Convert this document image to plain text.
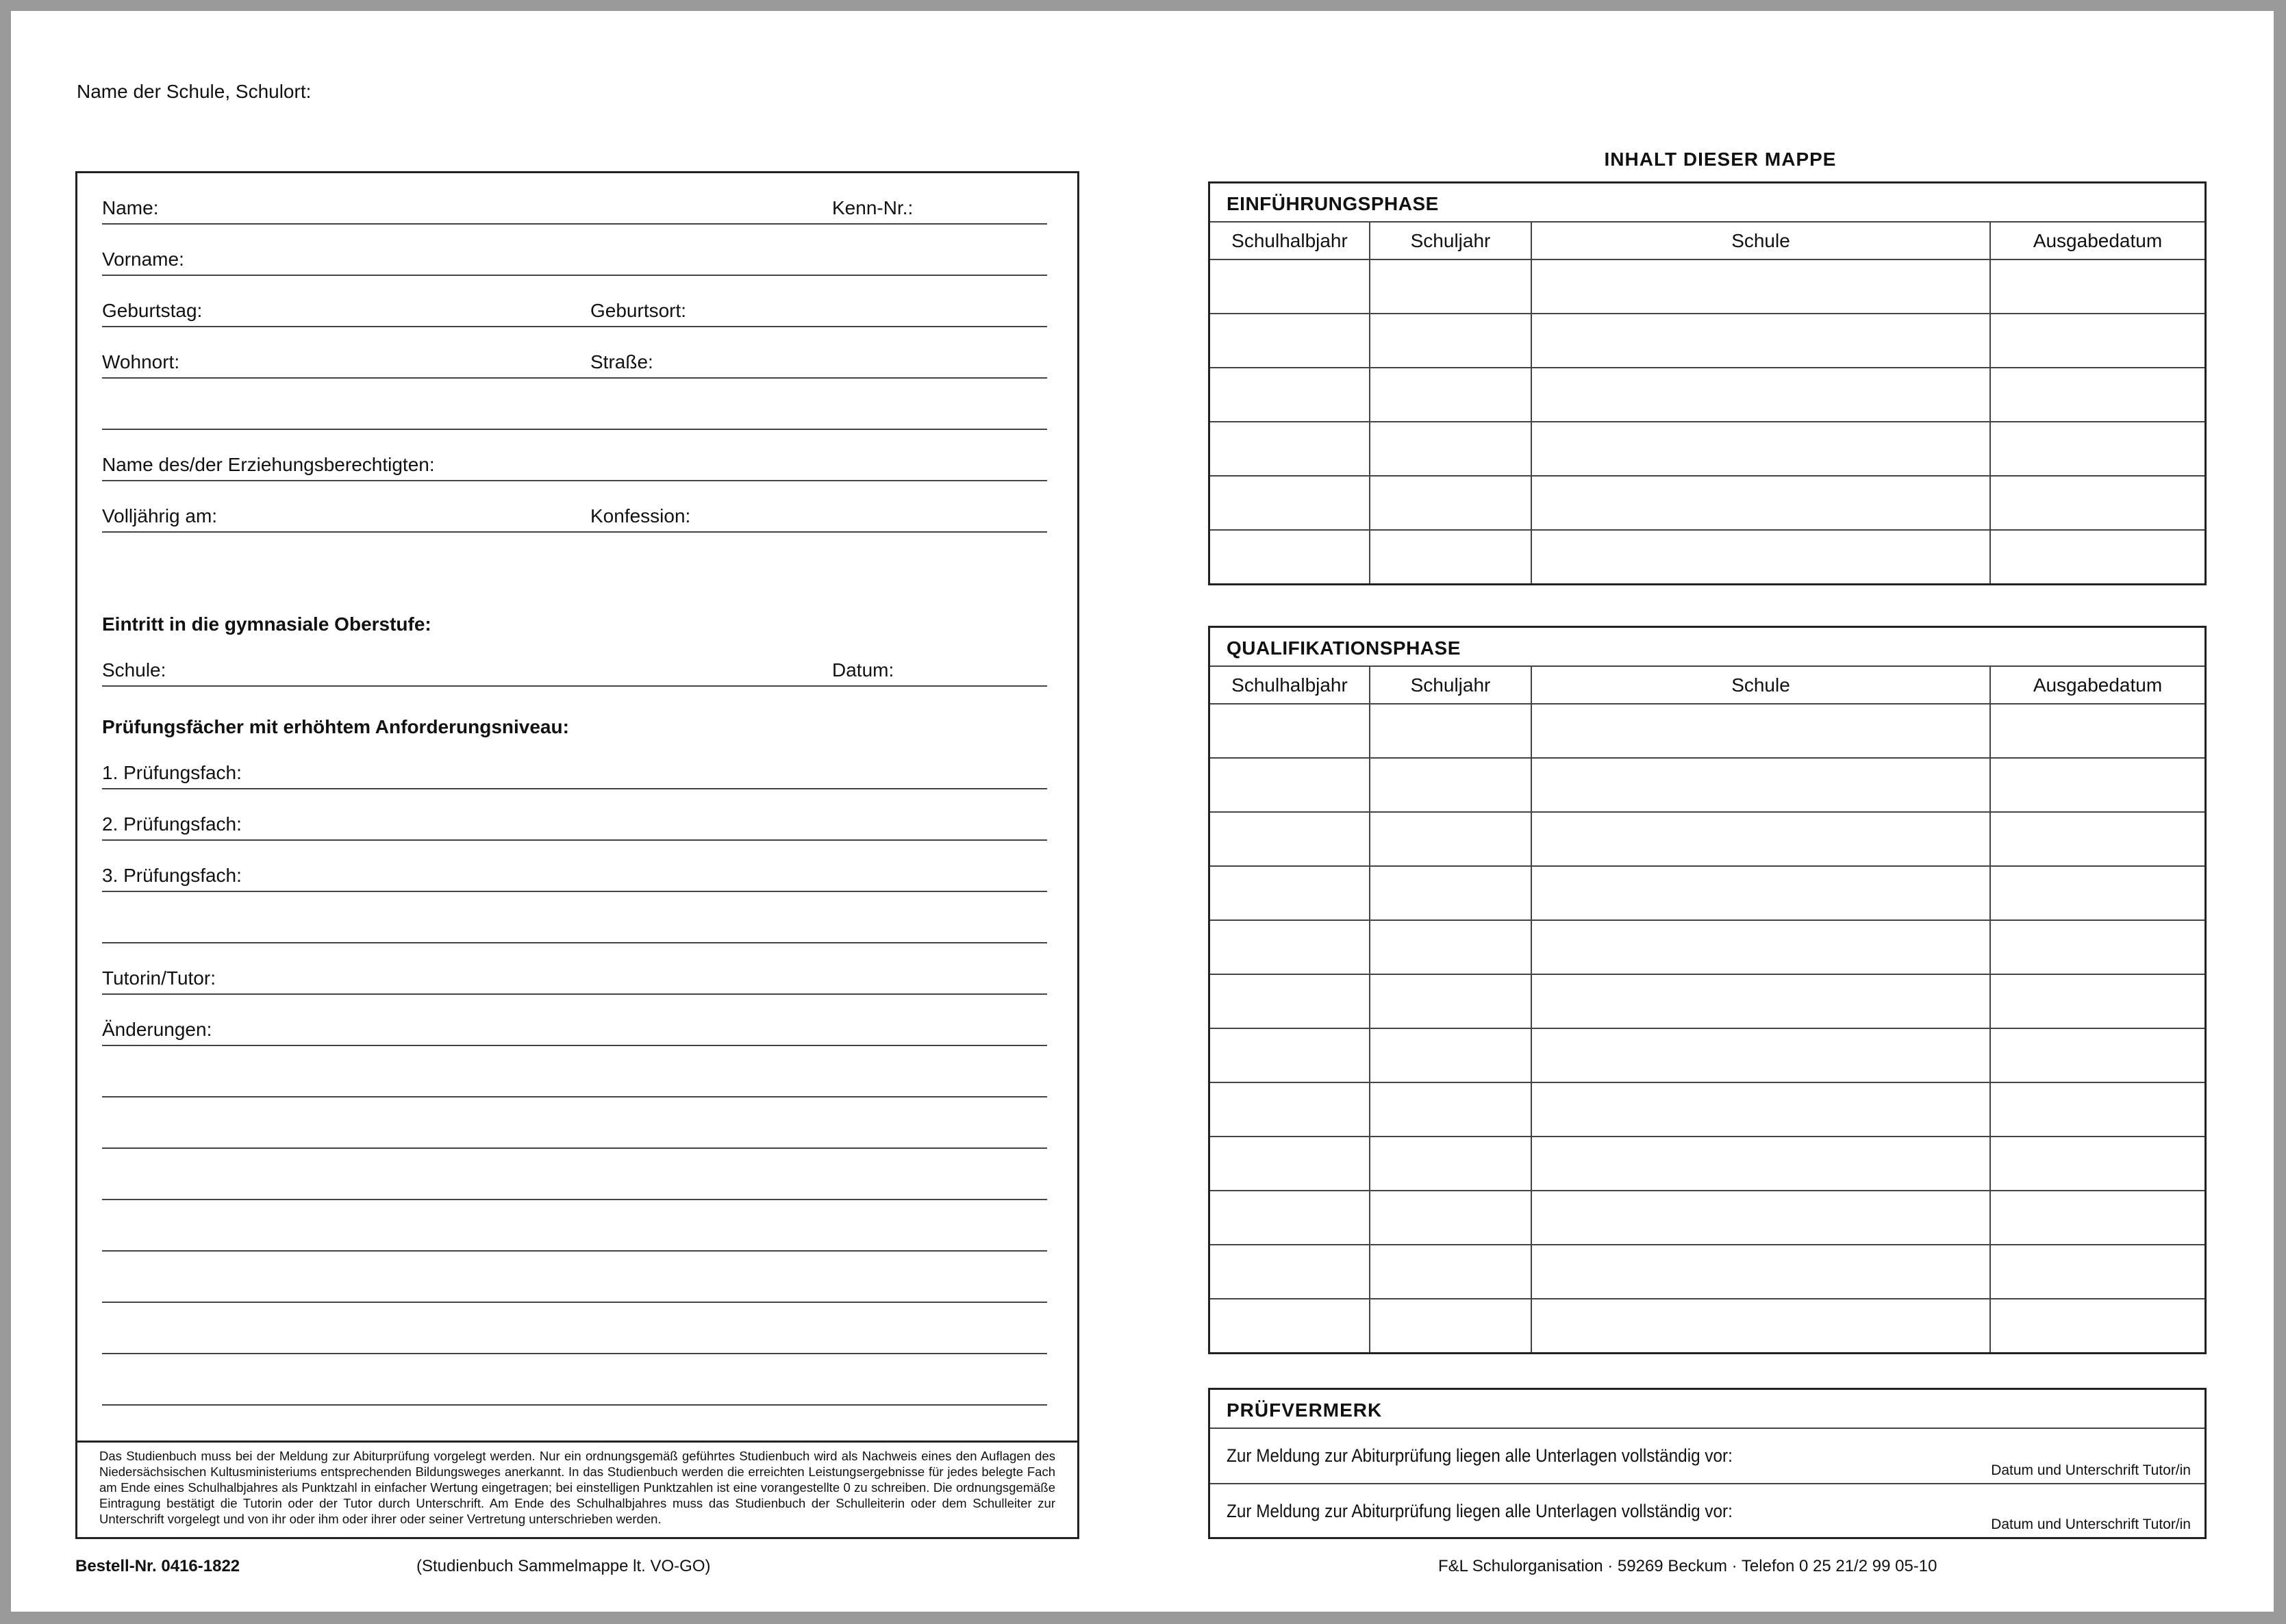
Name der Schule, Schulort:
Name:	Kenn-Nr.:
Vorname:
Geburtstag:	Geburtsort:
Wohnort:	Straße:
Name des/der Erziehungsberechtigten:
Volljährig am:	Konfession:
Eintritt in die gymnasiale Oberstufe:
Schule:	Datum:
Prüfungsfächer mit erhöhtem Anforderungsniveau:
1. Prüfungsfach:
2. Prüfungsfach:
3. Prüfungsfach:
Tutorin/Tutor:
Änderungen:
Das Studienbuch muss bei der Meldung zur Abiturprüfung vorgelegt werden. Nur ein ordnungsgemäß geführtes Studienbuch wird als Nachweis eines den Auflagen des Niedersächsischen Kultusministeriums entsprechenden Bildungsweges anerkannt. In das Studienbuch werden die erreichten Leistungsergebnisse für jedes belegte Fach am Ende eines Schulhalbjahres als Punktzahl in einfacher Wertung eingetragen; bei einstelligen Punktzahlen ist eine vorangestellte 0 zu schreiben. Die ordnungsgemäße Eintragung bestätigt die Tutorin oder der Tutor durch Unterschrift. Am Ende des Schulhalbjahres muss das Studienbuch der Schulleiterin oder dem Schulleiter zur Unterschrift vorgelegt und von ihr oder ihm oder ihrer oder seiner Vertretung unterschrieben werden.
INHALT DIESER MAPPE
EINFÜHRUNGSPHASE
Schulhalbjahr	Schuljahr	Schule	Ausgabedatum

QUALIFIKATIONSPHASE
Schulhalbjahr	Schuljahr	Schule	Ausgabedatum

PRÜFVERMERK
Zur Meldung zur Abiturprüfung liegen alle Unterlagen vollständig vor:
Datum und Unterschrift Tutor/in
Zur Meldung zur Abiturprüfung liegen alle Unterlagen vollständig vor:
Datum und Unterschrift Tutor/in
Bestell-Nr. 0416-1822	(Studienbuch Sammelmappe lt. VO-GO)	F&L Schulorganisation · 59269 Beckum · Telefon 0 25 21/2 99 05-10
